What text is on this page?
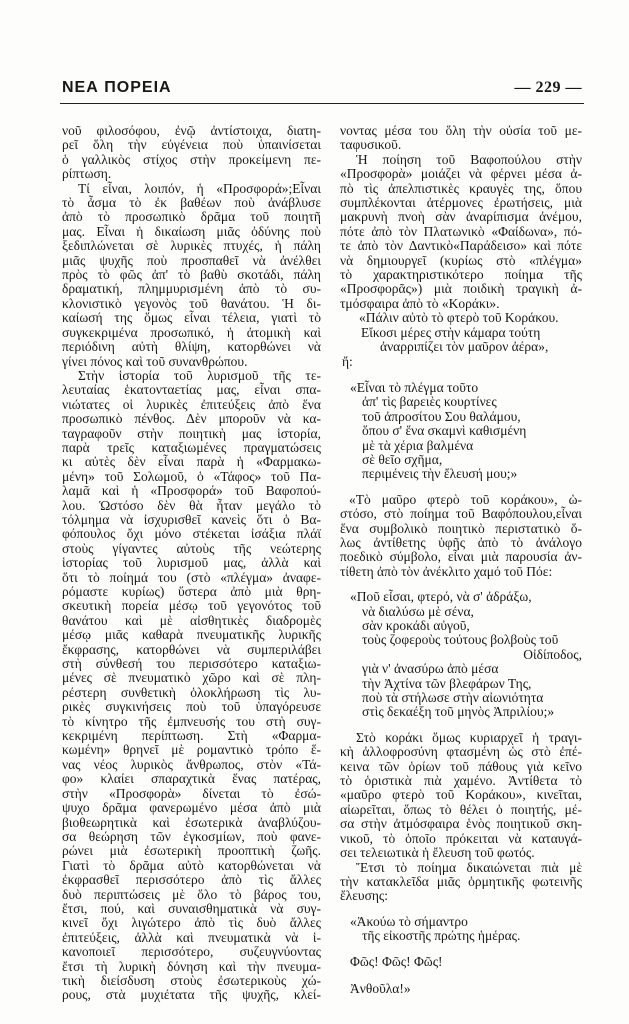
ΝΕΑ ΠΟΡΕΙΑ	— 229 —
νοῦ φιλοσόφου, ἐνῷ ἀντίστοιχα, διατη-
ρεῖ ὅλη τὴν εὐγένεια ποὺ ὑπαινίσεται
ὁ γαλλικὸς στίχος στὴν προκείμενη πε-
ρίπτωση.
Τί εἶναι, λοιπόν, ἡ «Προσφορά»;Εἶναι
τὸ ἆσμα τὸ ἐκ βαθέων ποὺ ἀνάβλυσε
ἀπὸ τὸ προσωπικὸ δρᾶμα τοῦ ποιητῆ
μας. Εἶναι ἡ δικαίωση μιᾶς ὀδύνης ποὺ
ξεδιπλώνεται σὲ λυρικὲς πτυχές, ἡ πάλη
μιᾶς ψυχῆς ποὺ προσπαθεῖ νὰ ἀνέλθει
πρὸς τὸ φῶς ἀπ' τὸ βαθὺ σκοτάδι, πάλη
δραματική, πλημμυρισμένη ἀπὸ τὸ συ-
κλονιστικὸ γεγονὸς τοῦ θανάτου. Ἡ δι-
καίωσή της ὅμως εἶναι τέλεια, γιατὶ τὸ
συγκεκριμένα προσωπικό, ἡ ἀτομικὴ καὶ
περιόδινη αὐτὴ θλίψη, κατορθώνει νὰ
γίνει πόνος καὶ τοῦ συνανθρώπου.
Στὴν ἱστορία τοῦ λυρισμοῦ τῆς τε-
λευταίας ἑκατονταετίας μας, εἶναι σπα-
νιώτατες οἱ λυρικὲς ἐπιτεύξεις ἀπὸ ἕνα
προσωπικὸ πένθος. Δὲν μποροῦν νὰ κα-
ταγραφοῦν στὴν ποιητικὴ μας ἱστορία,
παρὰ τρεῖς καταξιωμένες πραγματώσεις
κι αὐτὲς δὲν εἶναι παρὰ ἡ «Φαρμακω-
μένη» τοῦ Σολωμοῦ, ὁ «Τάφος» τοῦ Πα-
λαμᾶ καὶ ἡ «Προσφορά» τοῦ Βαφοπού-
λου. Ὡστόσο δὲν θὰ ἦταν μεγάλο τὸ
τόλμημα νὰ ἰσχυρισθεῖ κανεὶς ὅτι ὁ Βα-
φόπουλος ὄχι μόνο στέκεται ἰσάξια πλάϊ
στοὺς γίγαντες αὐτοὺς τῆς νεώτερης
ἱστορίας τοῦ λυρισμοῦ μας, ἀλλὰ καὶ
ὅτι τὸ ποίημά του (στὸ «πλέγμα» ἀναφε-
ρόμαστε κυρίως) ὕστερα ἀπὸ μιὰ θρη-
σκευτικὴ πορεία μέσῳ τοῦ γεγονότος τοῦ
θανάτου καὶ μὲ αἰσθητικὲς διαδρομὲς
μέσῳ μιᾶς καθαρὰ πνευματικῆς λυρικῆς
ἔκφρασης, κατορθώνει νὰ συμπεριλάβει
στὴ σύνθεσή του περισσότερο καταξιω-
μένες σὲ πνευματικὸ χῶρο καὶ σὲ πλη-
ρέστερη συνθετικὴ ὁλοκλήρωση τὶς λυ-
ρικὲς συγκινήσεις ποὺ τοῦ ὑπαγόρευσε
τὸ κίνητρο τῆς ἐμπνευσής του στὴ συγ-
κεκριμένη περίπτωση. Στὴ «Φαρμα-
κωμένη» θρηνεῖ μὲ ρομαντικὸ τρόπο ἕ-
νας νέος λυρικὸς ἄνθρωπος, στὸν «Τά-
φο» κλαίει σπαραχτικὰ ἕνας πατέρας,
στὴν «Προσφορὰ» δίνεται τὸ ἐσώ-
ψυχο δρᾶμα φανερωμένο μέσα ἀπὸ μιὰ
βιοθεωρητικὰ καὶ ἐσωτερικὰ ἀναβλύζου-
σα θεώρηση τῶν ἐγκοσμίων, ποὺ φανε-
ρώνει μιὰ ἐσωτερικὴ προοπτικὴ ζωῆς.
Γιατὶ τὸ δρᾶμα αὐτὸ κατορθώνεται νὰ
ἐκφρασθεῖ περισσότερο ἀπὸ τὶς ἄλλες
δυὸ περιπτώσεις μὲ ὅλο τὸ βάρος του,
ἔτσι, πού, καὶ συναισθηματικὰ νὰ συγ-
κινεῖ ὄχι λιγώτερο ἀπὸ τὶς δυὸ ἄλλες
ἐπιτεύξεις, ἀλλὰ καὶ πνευματικὰ νὰ ἱ-
κανοποιεῖ περισσότερο, συζευγνύοντας
ἔτσι τὴ λυρικὴ δόνηση καὶ τὴν πνευμα-
τικὴ διείσδυση στοὺς ἐσωτερικοὺς χώ-
ρους, στὰ μυχιέτατα τῆς ψυχῆς, κλεί-
νοντας μέσα του ὅλη τὴν οὐσία τοῦ με-
ταφυσικοῦ.
Ἡ ποίηση τοῦ Βαφοπούλου στὴν
«Προσφορὰ» μοιάζει νὰ φέρνει μέσα ἀ-
πὸ τὶς ἀπελπιστικὲς κραυγὲς της, ὅπου
συμπλέκονται ἀτέρμονες ἐρωτήσεις, μιὰ
μακρυνὴ πνοὴ σὰν ἀναρίπισμα ἀνέμου,
πότε ἀπὸ τὸν Πλατωνικὸ «Φαίδωνα», πό-
τε ἀπὸ τὸν Δαντικὸ«Παράδεισο» καὶ πότε
νὰ δημιουργεῖ (κυρίως στὸ «πλέγμα»
τὸ χαρακτηριστικότερο ποίημα τῆς
«Προσφορᾶς») μιὰ ποιδικὴ τραγικὴ ἀ-
τμόσφαιρα ἀπὸ τὸ «Κοράκι».
«Πάλιν αὐτὸ τὸ φτερὸ τοῦ Κοράκου.
Εἴκοσι μέρες στὴν κάμαρα τούτη
ἀναρριπίζει τὸν μαῦρον ἀέρα»,
ἤ:
«Εἶναι τὸ πλέγμα τοῦτο
ἀπ' τὶς βαρειὲς κουρτίνες
τοῦ ἀπροσίτου Σου θαλάμου,
ὅπου σ' ἕνα σκαμνὶ καθισμένη
μὲ τὰ χέρια βαλμένα
σὲ θεῖο σχῆμα,
περιμένεις τὴν ἔλευσή μου;»
«Τὸ μαῦρο φτερὸ τοῦ κοράκου», ὡ-
στόσο, στὸ ποίημα τοῦ Βαφόπουλου,εἶναι
ἕνα συμβολικὸ ποιητικὸ περιστατικὸ ὅ-
λως ἀντίθετης ὑφῆς ἀπὸ τὸ ἀνάλογο
ποεδικὸ σύμβολο, εἶναι μιὰ παρουσία ἀν-
τίθετη ἀπὸ τὸν ἀνέκλιτο χαμό τοῦ Πόε:
«Ποῦ εἶσαι, φτερό, νὰ σ' ἀδράξω,
νὰ διαλύσω μὲ σένα,
σὰν κροκάδι αὐγοῦ,
τοὺς ζοφεροὺς τούτους βολβοὺς τοῦ
Οἰδίποδος,
γιὰ ν' ἀνασύρω ἀπὸ μέσα
τὴν Ἀχτίνα τῶν βλεφάρων Της,
ποὺ τὰ στήλωσε στὴν αἰωνιότητα
στὶς δεκαέξη τοῦ μηνὸς Ἀπριλίου;»
Στὸ κοράκι ὅμως κυριαρχεῖ ἡ τραγι-
κὴ ἀλλοφροσύνη φτασμένη ὡς στὸ ἐπέ-
κεινα τῶν ὁρίων τοῦ πάθους γιὰ κεῖνο
τὸ ὁριστικὰ πιὰ χαμένο. Ἀντίθετα τὸ
«μαῦρο φτερὸ τοῦ Κοράκου», κινεῖται,
αἰωρεῖται, ὅπως τὸ θέλει ὁ ποιητής, μέ-
σα στὴν ἀτμόσφαιρα ἑνὸς ποιητικοῦ σκη-
νικοῦ, τὸ ὁποῖο πρόκειται νὰ καταυγά-
σει τελειωτικὰ ἡ ἔλευση τοῦ φωτός.
Ἔτσι τὸ ποίημα δικαιώνεται πιὰ μὲ
τὴν κατακλεῖδα μιᾶς ὁρμητικῆς φωτεινῆς
ἔλευσης:
«Ἀκούω τὸ σήμαντρο
τῆς εἰκοστῆς πρώτης ἡμέρας.
Φῶς! Φῶς! Φῶς!
Ἀνθοῦλα!»
